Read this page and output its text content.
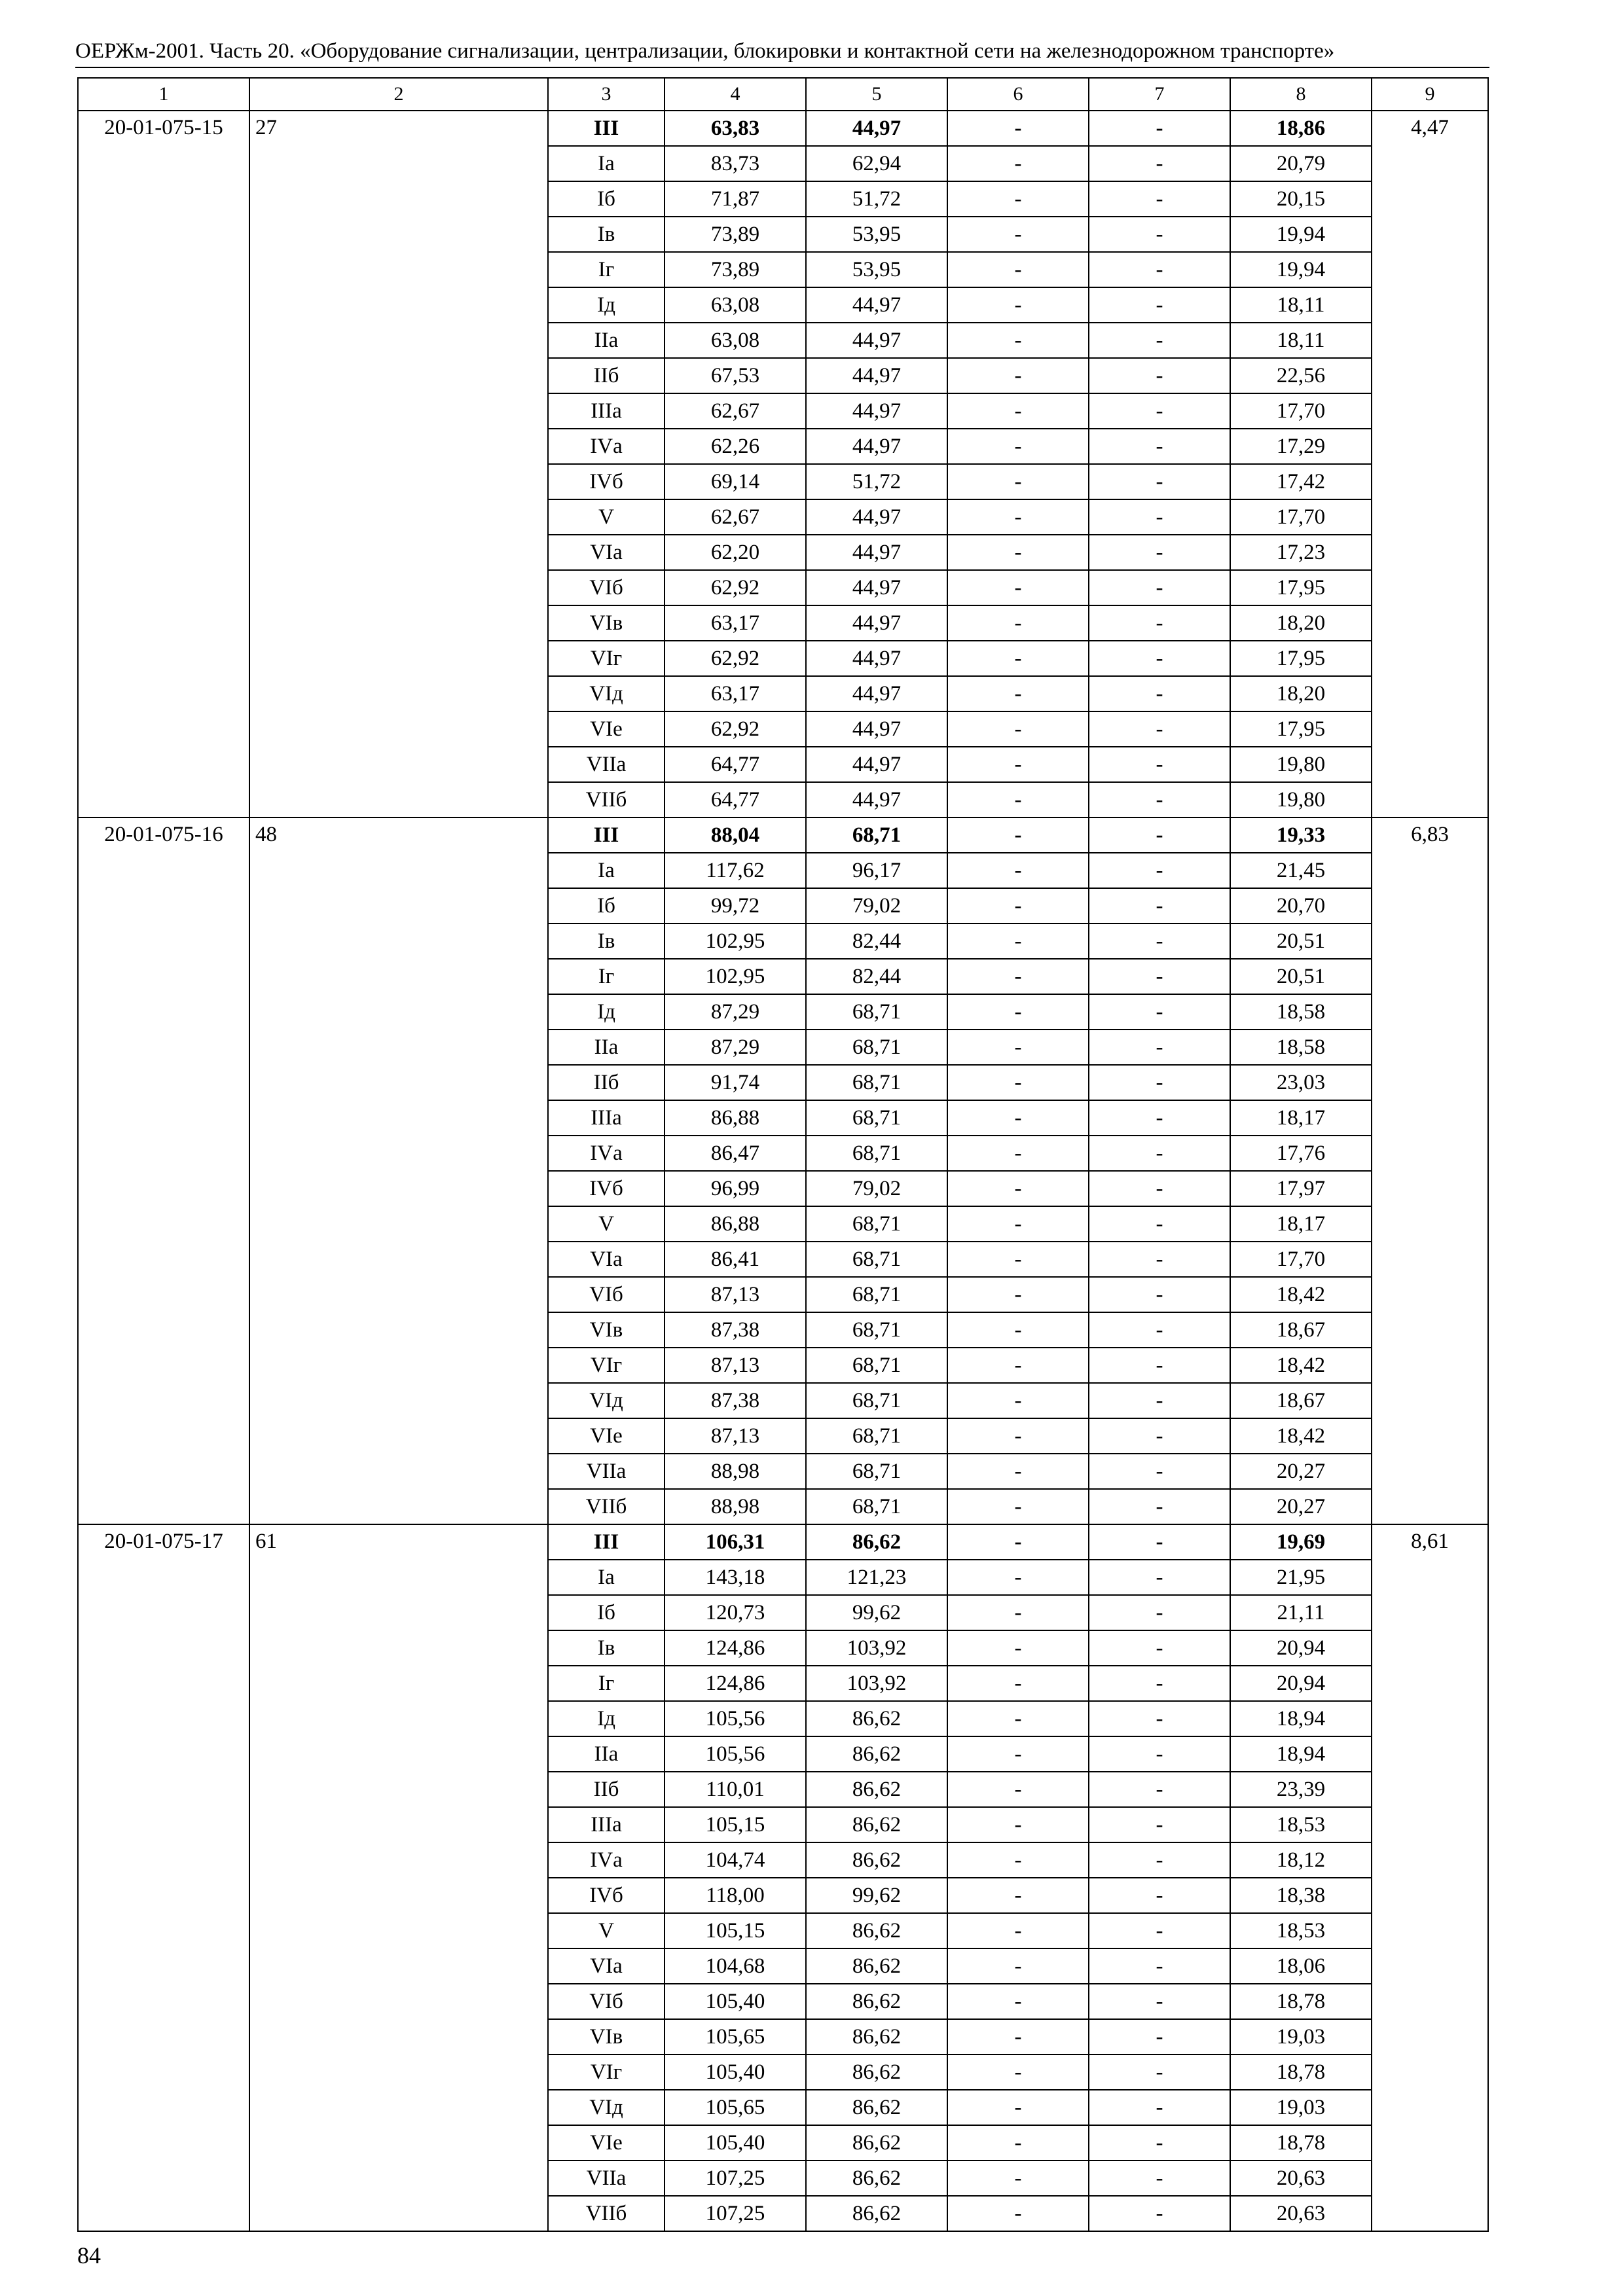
ОЕРЖм-2001. Часть 20. «Оборудование сигнализации, централизации, блокировки и контактной сети на железнодорожном транспорте»
1	2	3	4	5	6	7	8	9
20-01-075-15	27	III	63,83	44,97	-	-	18,86	4,47
		Iа	83,73	62,94	-	-	20,79	
		Iб	71,87	51,72	-	-	20,15	
		Iв	73,89	53,95	-	-	19,94	
		Iг	73,89	53,95	-	-	19,94	
		Iд	63,08	44,97	-	-	18,11	
		IIа	63,08	44,97	-	-	18,11	
		IIб	67,53	44,97	-	-	22,56	
		IIIа	62,67	44,97	-	-	17,70	
		IVа	62,26	44,97	-	-	17,29	
		IVб	69,14	51,72	-	-	17,42	
		V	62,67	44,97	-	-	17,70	
		VIа	62,20	44,97	-	-	17,23	
		VIб	62,92	44,97	-	-	17,95	
		VIв	63,17	44,97	-	-	18,20	
		VIг	62,92	44,97	-	-	17,95	
		VIд	63,17	44,97	-	-	18,20	
		VIе	62,92	44,97	-	-	17,95	
		VIIа	64,77	44,97	-	-	19,80	
		VIIб	64,77	44,97	-	-	19,80	
20-01-075-16	48	III	88,04	68,71	-	-	19,33	6,83
		Iа	117,62	96,17	-	-	21,45	
		Iб	99,72	79,02	-	-	20,70	
		Iв	102,95	82,44	-	-	20,51	
		Iг	102,95	82,44	-	-	20,51	
		Iд	87,29	68,71	-	-	18,58	
		IIа	87,29	68,71	-	-	18,58	
		IIб	91,74	68,71	-	-	23,03	
		IIIа	86,88	68,71	-	-	18,17	
		IVа	86,47	68,71	-	-	17,76	
		IVб	96,99	79,02	-	-	17,97	
		V	86,88	68,71	-	-	18,17	
		VIа	86,41	68,71	-	-	17,70	
		VIб	87,13	68,71	-	-	18,42	
		VIв	87,38	68,71	-	-	18,67	
		VIг	87,13	68,71	-	-	18,42	
		VIд	87,38	68,71	-	-	18,67	
		VIе	87,13	68,71	-	-	18,42	
		VIIа	88,98	68,71	-	-	20,27	
		VIIб	88,98	68,71	-	-	20,27	
20-01-075-17	61	III	106,31	86,62	-	-	19,69	8,61
		Iа	143,18	121,23	-	-	21,95	
		Iб	120,73	99,62	-	-	21,11	
		Iв	124,86	103,92	-	-	20,94	
		Iг	124,86	103,92	-	-	20,94	
		Iд	105,56	86,62	-	-	18,94	
		IIа	105,56	86,62	-	-	18,94	
		IIб	110,01	86,62	-	-	23,39	
		IIIа	105,15	86,62	-	-	18,53	
		IVа	104,74	86,62	-	-	18,12	
		IVб	118,00	99,62	-	-	18,38	
		V	105,15	86,62	-	-	18,53	
		VIа	104,68	86,62	-	-	18,06	
		VIб	105,40	86,62	-	-	18,78	
		VIв	105,65	86,62	-	-	19,03	
		VIг	105,40	86,62	-	-	18,78	
		VIд	105,65	86,62	-	-	19,03	
		VIе	105,40	86,62	-	-	18,78	
		VIIа	107,25	86,62	-	-	20,63	
		VIIб	107,25	86,62	-	-	20,63	
84
